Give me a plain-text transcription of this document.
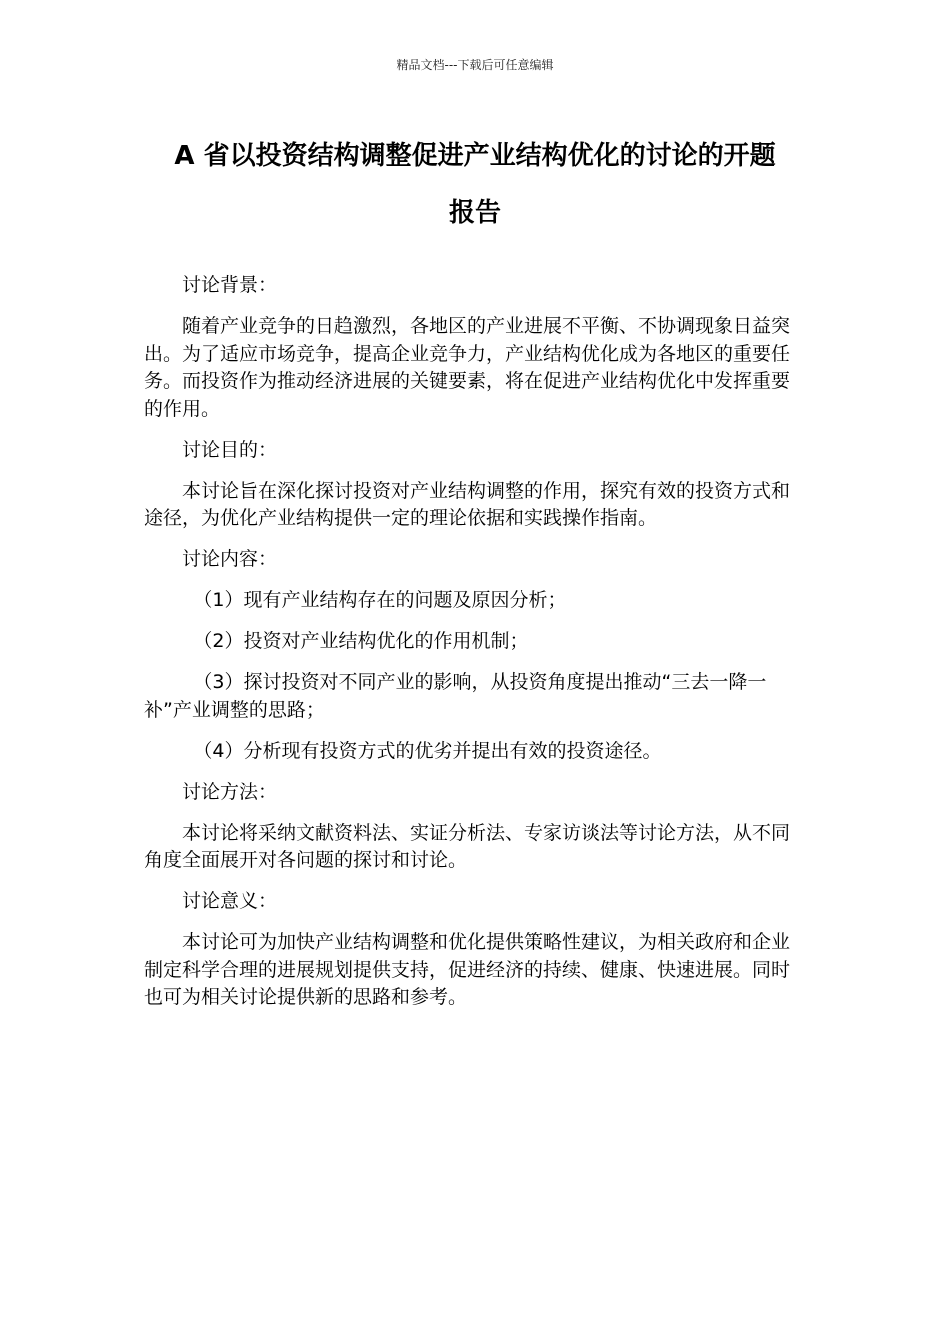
精品文档---下载后可任意编辑
A 省以投资结构调整促进产业结构优化的讨论的开题
报告

讨论背景：

随着产业竞争的日趋激烈，各地区的产业进展不平衡、不协调现象日益突出。为了适应市场竞争，提高企业竞争力，产业结构优化成为各地区的重要任务。而投资作为推动经济进展的关键要素，将在促进产业结构优化中发挥重要的作用。

讨论目的：

本讨论旨在深化探讨投资对产业结构调整的作用，探究有效的投资方式和途径，为优化产业结构提供一定的理论依据和实践操作指南。

讨论内容：

（1）现有产业结构存在的问题及原因分析；

（2）投资对产业结构优化的作用机制；

（3）探讨投资对不同产业的影响，从投资角度提出推动“三去一降一补”产业调整的思路；

（4）分析现有投资方式的优劣并提出有效的投资途径。

讨论方法：

本讨论将采纳文献资料法、实证分析法、专家访谈法等讨论方法，从不同角度全面展开对各问题的探讨和讨论。

讨论意义：

本讨论可为加快产业结构调整和优化提供策略性建议，为相关政府和企业制定科学合理的进展规划提供支持，促进经济的持续、健康、快速进展。同时也可为相关讨论提供新的思路和参考。
